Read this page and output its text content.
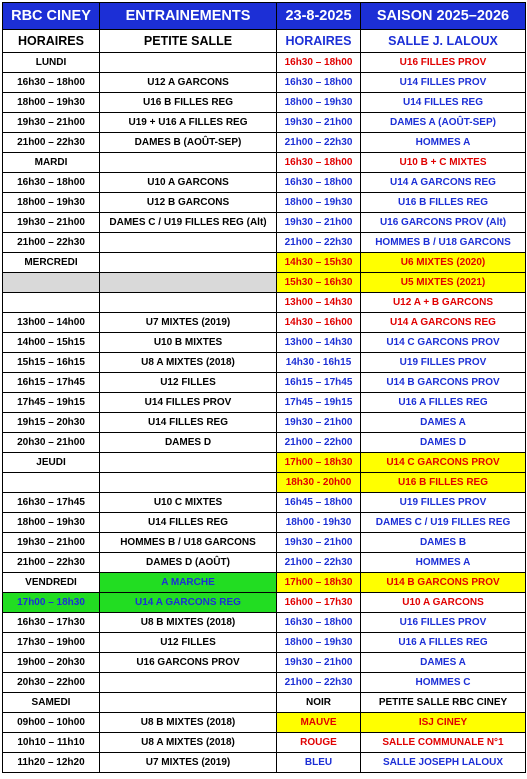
RBC CINEY	ENTRAINEMENTS	23-8-2025	SAISON 2025–2026
HORAIRES	PETITE SALLE	HORAIRES	SALLE J. LALOUX
LUNDI		16h30 – 18h00	U16 FILLES PROV
16h30 – 18h00	U12 A GARCONS	16h30 – 18h00	U14 FILLES PROV
18h00 – 19h30	U16 B FILLES REG	18h00 – 19h30	U14 FILLES REG
19h30 – 21h00	U19 + U16 A FILLES REG	19h30 – 21h00	DAMES A (AOÛT-SEP)
21h00 – 22h30	DAMES B (AOÛT-SEP)	21h00 – 22h30	HOMMES A
MARDI		16h30 – 18h00	U10 B + C MIXTES
16h30 – 18h00	U10 A GARCONS	16h30 – 18h00	U14 A GARCONS REG
18h00 – 19h30	U12 B GARCONS	18h00 – 19h30	U16 B FILLES REG
19h30 – 21h00	DAMES C / U19 FILLES REG (Alt)	19h30 – 21h00	U16 GARCONS PROV (Alt)
21h00 – 22h30		21h00 – 22h30	HOMMES B / U18 GARCONS
MERCREDI		14h30 – 15h30	U6 MIXTES (2020)
		15h30 – 16h30	U5 MIXTES (2021)
		13h00 – 14h30	U12 A + B GARCONS
13h00 – 14h00	U7 MIXTES (2019)	14h30 – 16h00	U14 A GARCONS REG
14h00 – 15h15	U10 B MIXTES	13h00 – 14h30	U14 C GARCONS PROV
15h15 – 16h15	U8 A MIXTES (2018)	14h30 - 16h15	U19 FILLES PROV
16h15 – 17h45	U12 FILLES	16h15 – 17h45	U14 B GARCONS PROV
17h45 – 19h15	U14 FILLES PROV	17h45 – 19h15	U16 A FILLES REG
19h15 – 20h30	U14 FILLES REG	19h30 – 21h00	DAMES A
20h30 – 21h00	DAMES D	21h00 – 22h00	DAMES D
JEUDI		17h00 – 18h30	U14 C GARCONS PROV
		18h30 - 20h00	U16 B FILLES REG
16h30 – 17h45	U10 C MIXTES	16h45 – 18h00	U19 FILLES PROV
18h00 – 19h30	U14 FILLES REG	18h00 - 19h30	DAMES C / U19 FILLES REG
19h30 – 21h00	HOMMES B / U18 GARCONS	19h30 – 21h00	DAMES B
21h00 – 22h30	DAMES D (AOÛT)	21h00 – 22h30	HOMMES A
VENDREDI	A MARCHE	17h00 – 18h30	U14 B GARCONS PROV
17h00 – 18h30	U14 A GARCONS REG	16h00 – 17h30	U10 A GARCONS
16h30 – 17h30	U8 B MIXTES (2018)	16h30 – 18h00	U16 FILLES PROV
17h30 – 19h00	U12 FILLES	18h00 – 19h30	U16 A FILLES REG
19h00 – 20h30	U16 GARCONS PROV	19h30 – 21h00	DAMES A
20h30 – 22h00		21h00 – 22h30	HOMMES C
SAMEDI		NOIR	PETITE SALLE RBC CINEY
09h00 – 10h00	U8 B MIXTES (2018)	MAUVE	ISJ CINEY
10h10 – 11h10	U8 A MIXTES (2018)	ROUGE	SALLE COMMUNALE N°1
11h20 – 12h20	U7 MIXTES (2019)	BLEU	SALLE JOSEPH LALOUX
